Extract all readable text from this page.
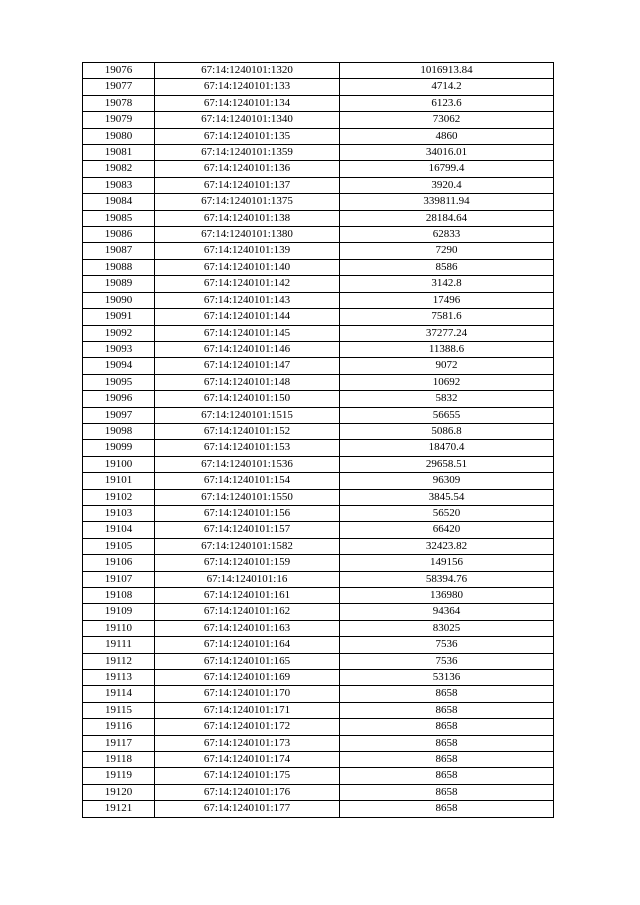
19076	67:14:1240101:1320	1016913.84
19077	67:14:1240101:133	4714.2
19078	67:14:1240101:134	6123.6
19079	67:14:1240101:1340	73062
19080	67:14:1240101:135	4860
19081	67:14:1240101:1359	34016.01
19082	67:14:1240101:136	16799.4
19083	67:14:1240101:137	3920.4
19084	67:14:1240101:1375	339811.94
19085	67:14:1240101:138	28184.64
19086	67:14:1240101:1380	62833
19087	67:14:1240101:139	7290
19088	67:14:1240101:140	8586
19089	67:14:1240101:142	3142.8
19090	67:14:1240101:143	17496
19091	67:14:1240101:144	7581.6
19092	67:14:1240101:145	37277.24
19093	67:14:1240101:146	11388.6
19094	67:14:1240101:147	9072
19095	67:14:1240101:148	10692
19096	67:14:1240101:150	5832
19097	67:14:1240101:1515	56655
19098	67:14:1240101:152	5086.8
19099	67:14:1240101:153	18470.4
19100	67:14:1240101:1536	29658.51
19101	67:14:1240101:154	96309
19102	67:14:1240101:1550	3845.54
19103	67:14:1240101:156	56520
19104	67:14:1240101:157	66420
19105	67:14:1240101:1582	32423.82
19106	67:14:1240101:159	149156
19107	67:14:1240101:16	58394.76
19108	67:14:1240101:161	136980
19109	67:14:1240101:162	94364
19110	67:14:1240101:163	83025
19111	67:14:1240101:164	7536
19112	67:14:1240101:165	7536
19113	67:14:1240101:169	53136
19114	67:14:1240101:170	8658
19115	67:14:1240101:171	8658
19116	67:14:1240101:172	8658
19117	67:14:1240101:173	8658
19118	67:14:1240101:174	8658
19119	67:14:1240101:175	8658
19120	67:14:1240101:176	8658
19121	67:14:1240101:177	8658
